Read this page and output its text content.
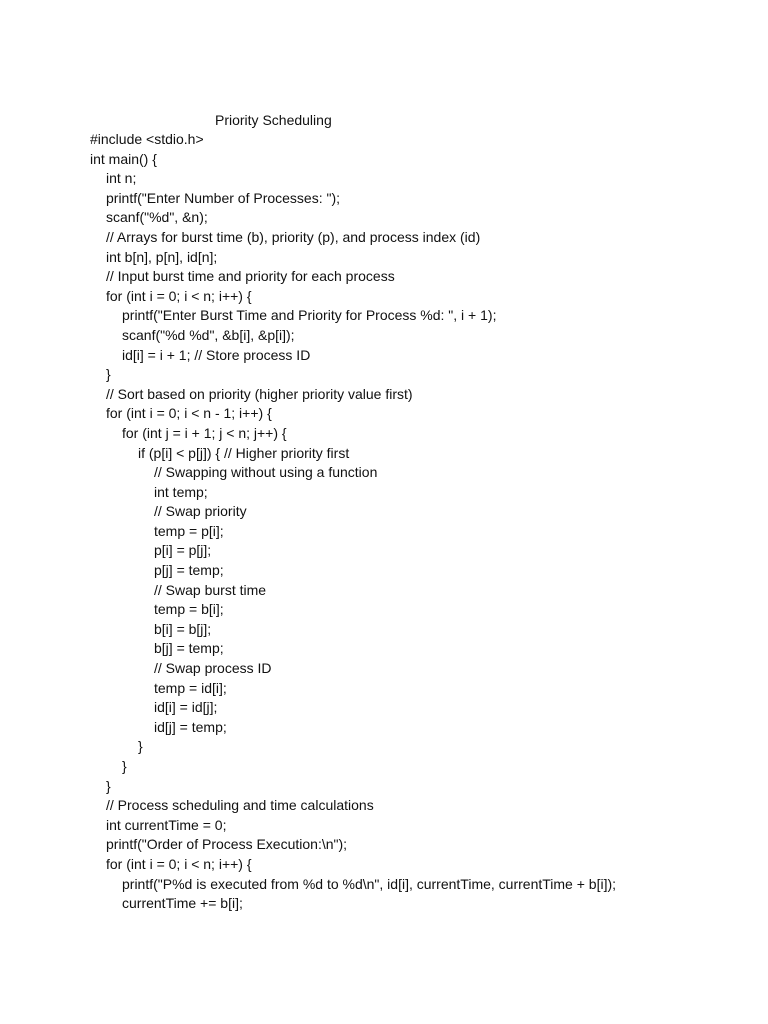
Priority Scheduling
#include <stdio.h>
int main() {
int n;
printf("Enter Number of Processes: ");
scanf("%d", &n);
// Arrays for burst time (b), priority (p), and process index (id)
int b[n], p[n], id[n];
// Input burst time and priority for each process
for (int i = 0; i < n; i++) {
printf("Enter Burst Time and Priority for Process %d: ", i + 1);
scanf("%d %d", &b[i], &p[i]);
id[i] = i + 1; // Store process ID
}
// Sort based on priority (higher priority value first)
for (int i = 0; i < n - 1; i++) {
for (int j = i + 1; j < n; j++) {
if (p[i] < p[j]) { // Higher priority first
// Swapping without using a function
int temp;
// Swap priority
temp = p[i];
p[i] = p[j];
p[j] = temp;
// Swap burst time
temp = b[i];
b[i] = b[j];
b[j] = temp;
// Swap process ID
temp = id[i];
id[i] = id[j];
id[j] = temp;
}
}
}
// Process scheduling and time calculations
int currentTime = 0;
printf("Order of Process Execution:\n");
for (int i = 0; i < n; i++) {
printf("P%d is executed from %d to %d\n", id[i], currentTime, currentTime + b[i]);
currentTime += b[i];
